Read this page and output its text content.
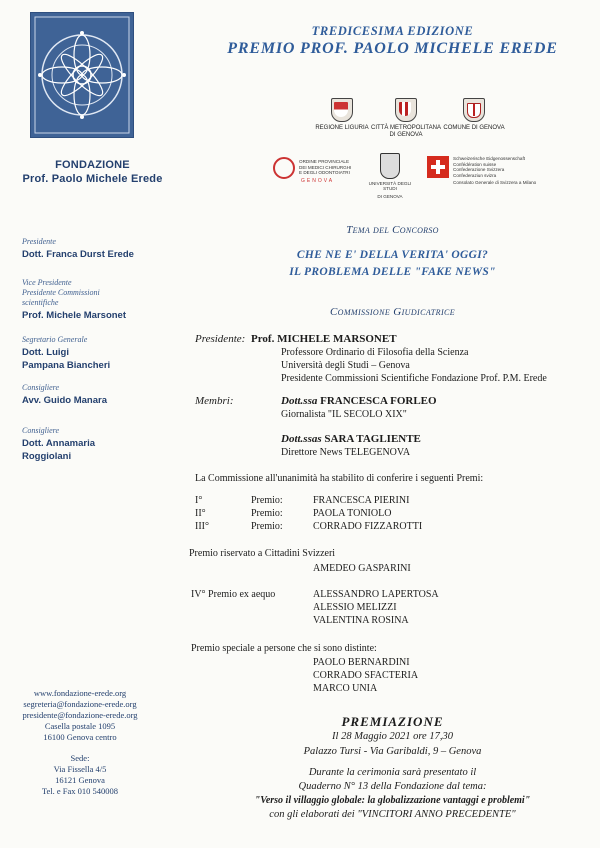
FONDAZIONE
Prof. Paolo Michele Erede
Presidente
Dott. Franca Durst Erede
Vice Presidente
Presidente Commissioni
scientifiche
Prof. Michele Marsonet
Segretario Generale
Dott. Luigi
Pampana Biancheri
Consigliere
Avv. Guido Manara
Consigliere
Dott. Annamaria
Roggiolani
www.fondazione-erede.org
segreteria@fondazione-erede.org
presidente@fondazione-erede.org
Casella postale 1095
16100 Genova centro
Sede:
Via Fissella 4/5
16121 Genova
Tel. e Fax 010 540008
TREDICESIMA EDIZIONE
PREMIO PROF. PAOLO MICHELE EREDE
REGIONE LIGURIA CITTÀ METROPOLITANA
DI GENOVA
COMUNE DI GENOVA
ORDINE PROVINCIALE
DEI MEDICI CHIRURGHI
E DEGLI ODONTOIATRI
GENOVA	UNIVERSITÀ DEGLI STUDI
DI GENOVA
Schweizerische Eidgenossenschaft
Confédération suisse
Confederazione Svizzera
Confederaziun svizra
Consolato Generale di Svizzera a Milano
Tema del Concorso
CHE NE E' DELLA VERITA' OGGI?
IL PROBLEMA DELLE "FAKE NEWS"
Commissione Giudicatrice
Presidente: Prof. MICHELE MARSONET
Professore Ordinario di Filosofia della Scienza
Università degli Studi – Genova
Presidente Commissioni Scientifiche Fondazione Prof. P.M. Erede
Membri:	Dott.ssa FRANCESCA FORLEO
Giornalista "IL SECOLO XIX"
Dott.ssas SARA TAGLIENTE
Direttore News TELEGENOVA
La Commissione all'unanimità ha stabilito di conferire i seguenti Premi:
I°	Premio:	FRANCESCA PIERINI
II°	Premio:	PAOLA TONIOLO
III°	Premio:	CORRADO FIZZAROTTI
Premio riservato a Cittadini Svizzeri
AMEDEO GASPARINI
IV° Premio ex aequo	ALESSANDRO LAPERTOSA
ALESSIO MELIZZI
VALENTINA ROSINA
Premio speciale a persone che si sono distinte:
PAOLO BERNARDINI
CORRADO SFACTERIA
MARCO UNIA
PREMIAZIONE
Il 28 Maggio 2021 ore 17,30
Palazzo Tursi - Via Garibaldi, 9 – Genova
Durante la cerimonia sarà presentato il
Quaderno N° 13 della Fondazione dal tema:
"Verso il villaggio globale: la globalizzazione vantaggi e problemi"
con gli elaborati dei "VINCITORI ANNO PRECEDENTE"
